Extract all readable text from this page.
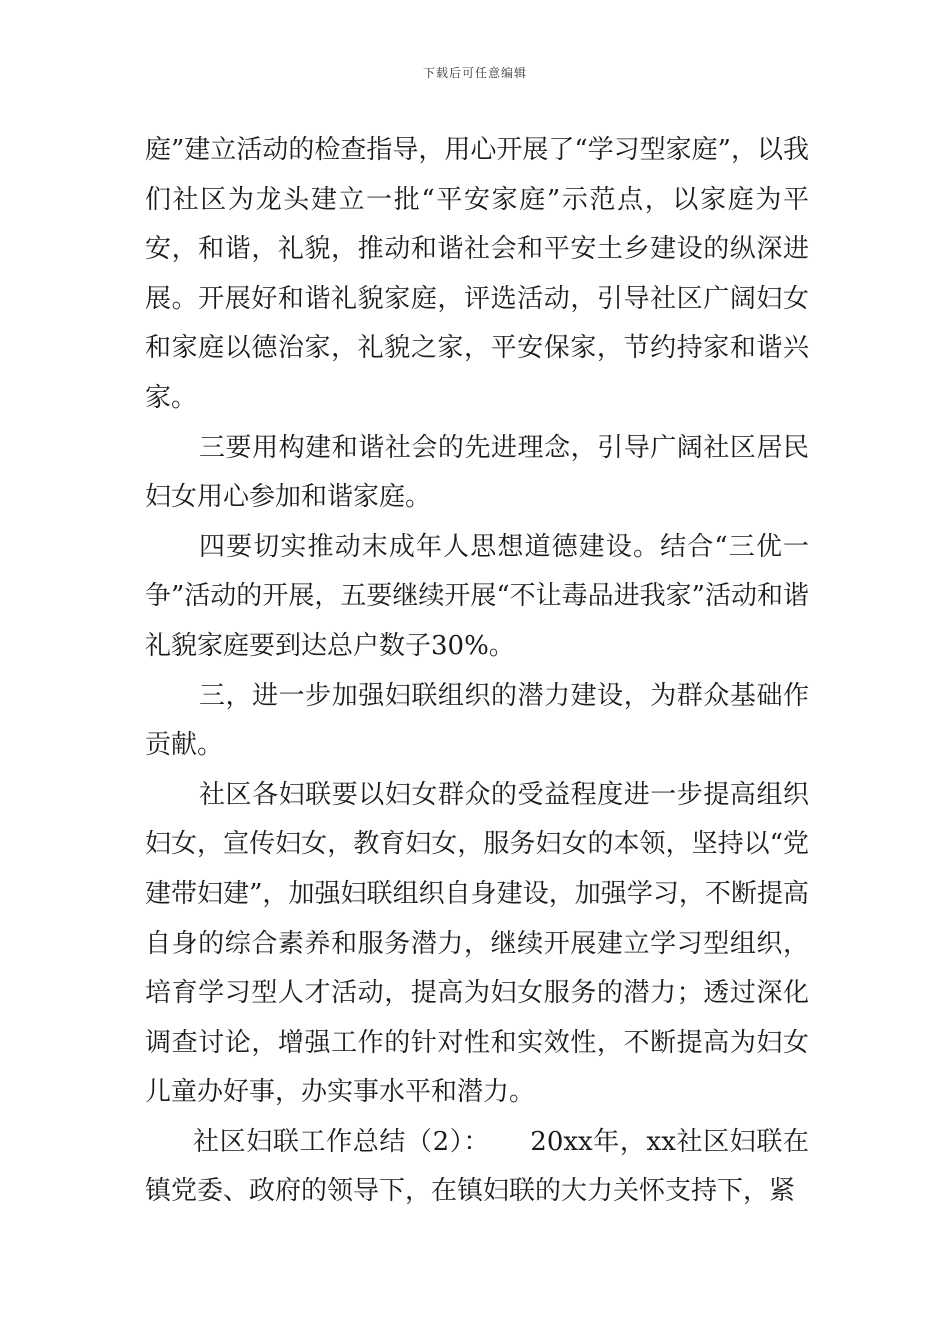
下载后可任意编辑

庭”建立活动的检查指导，用心开展了“学习型家庭”，以我们社区为龙头建立一批“平安家庭”示范点，以家庭为平安，和谐，礼貌，推动和谐社会和平安土乡建设的纵深进展。开展好和谐礼貌家庭，评选活动，引导社区广阔妇女和家庭以德治家，礼貌之家，平安保家，节约持家和谐兴家。

三要用构建和谐社会的先进理念，引导广阔社区居民妇女用心参加和谐家庭。

四要切实推动末成年人思想道德建设。结合“三优一争”活动的开展，五要继续开展“不让毒品进我家”活动和谐礼貌家庭要到达总户数子30%。

三，进一步加强妇联组织的潜力建设，为群众基础作贡献。

社区各妇联要以妇女群众的受益程度进一步提高组织妇女，宣传妇女，教育妇女，服务妇女的本领，坚持以“党建带妇建”，加强妇联组织自身建设，加强学习，不断提高自身的综合素养和服务潜力，继续开展建立学习型组织，培育学习型人才活动，提高为妇女服务的潜力；透过深化调查讨论，增强工作的针对性和实效性，不断提高为妇女儿童办好事，办实事水平和潜力。

社区妇联工作总结（2）：　　20xx年，xx社区妇联在镇党委、政府的领导下，在镇妇联的大力关怀支持下，紧
